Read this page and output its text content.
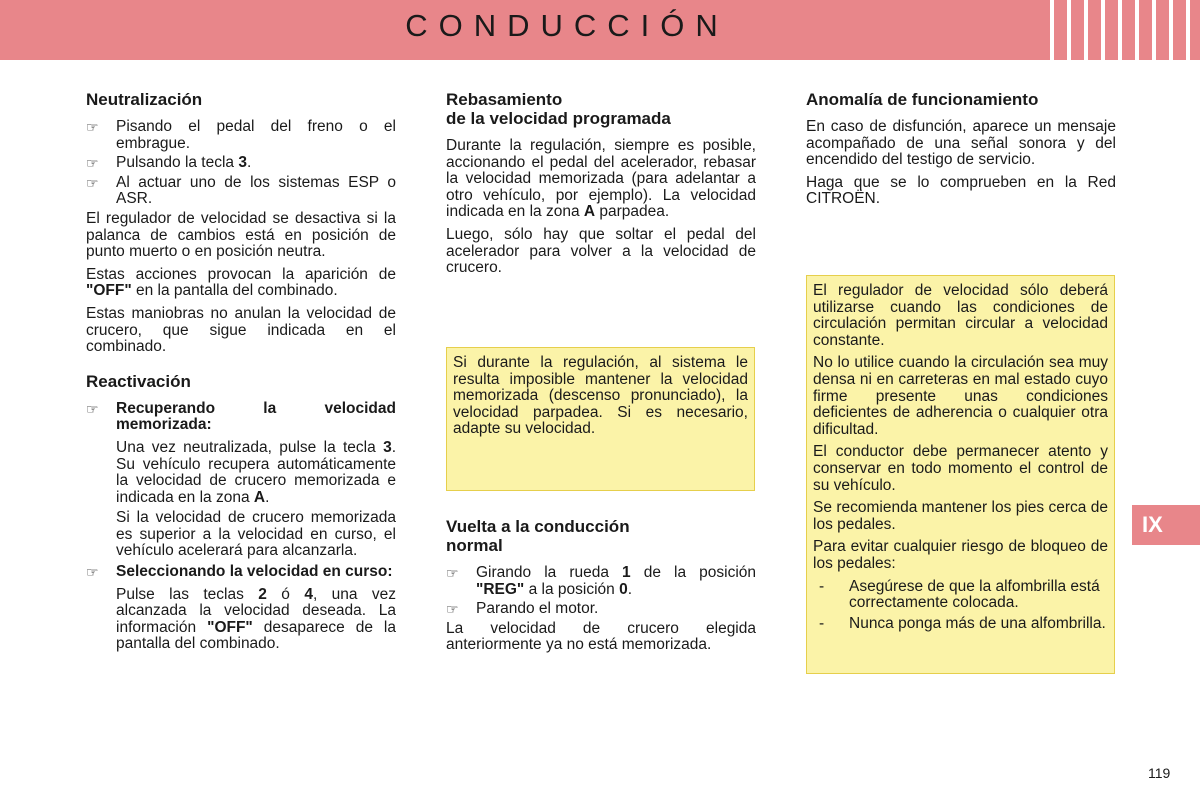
CONDUCCIÓN
Neutralización
☞	Pisando el pedal del freno o el embrague.
☞	Pulsando la tecla 3.
☞	Al actuar uno de los sistemas ESP o ASR.

El regulador de velocidad se desactiva si la palanca de cambios está en posición de punto muerto o en posición neutra.

Estas acciones provocan la aparición de "OFF" en la pantalla del combinado.

Estas maniobras no anulan la velocidad de crucero, que sigue indicada en el combinado.

Reactivación
☞	Recuperando la velocidad memorizada:
Una vez neutralizada, pulse la tecla 3. Su vehículo recupera automáticamente la velocidad de crucero memorizada e indicada en la zona A.
Si la velocidad de crucero memorizada es superior a la velocidad en curso, el vehículo acelerará para alcanzarla.
☞	Seleccionando la velocidad en curso:
Pulse las teclas 2 ó 4, una vez alcanzada la velocidad deseada. La información "OFF" desaparece de la pantalla del combinado.
Rebasamiento
de la velocidad programada

Durante la regulación, siempre es posible, accionando el pedal del acelerador, rebasar la velocidad memorizada (para adelantar a otro vehículo, por ejemplo). La velocidad indicada en la zona A parpadea.

Luego, sólo hay que soltar el pedal del acelerador para volver a la velocidad de crucero.

Si durante la regulación, al sistema le resulta imposible mantener la velocidad memorizada (descenso pronunciado), la velocidad parpadea. Si es necesario, adapte su velocidad.

Vuelta a la conducción
normal
☞	Girando la rueda 1 de la posición "REG" a la posición 0.
☞	Parando el motor.

La velocidad de crucero elegida anteriormente ya no está memorizada.

Anomalía de funcionamiento

En caso de disfunción, aparece un mensaje acompañado de una señal sonora y del encendido del testigo de servicio.

Haga que se lo comprueben en la Red CITROËN.

El regulador de velocidad sólo deberá utilizarse cuando las condiciones de circulación permitan circular a velocidad constante.

No lo utilice cuando la circulación sea muy densa ni en carreteras en mal estado cuyo firme presente unas condiciones deficientes de adherencia o cualquier otra dificultad.

El conductor debe permanecer atento y conservar en todo momento el control de su vehículo.

Se recomienda mantener los pies cerca de los pedales.

Para evitar cualquier riesgo de bloqueo de los pedales:

- Asegúrese de que la alfombrilla está correctamente colocada.
- Nunca ponga más de una alfombrilla.
IX
119
